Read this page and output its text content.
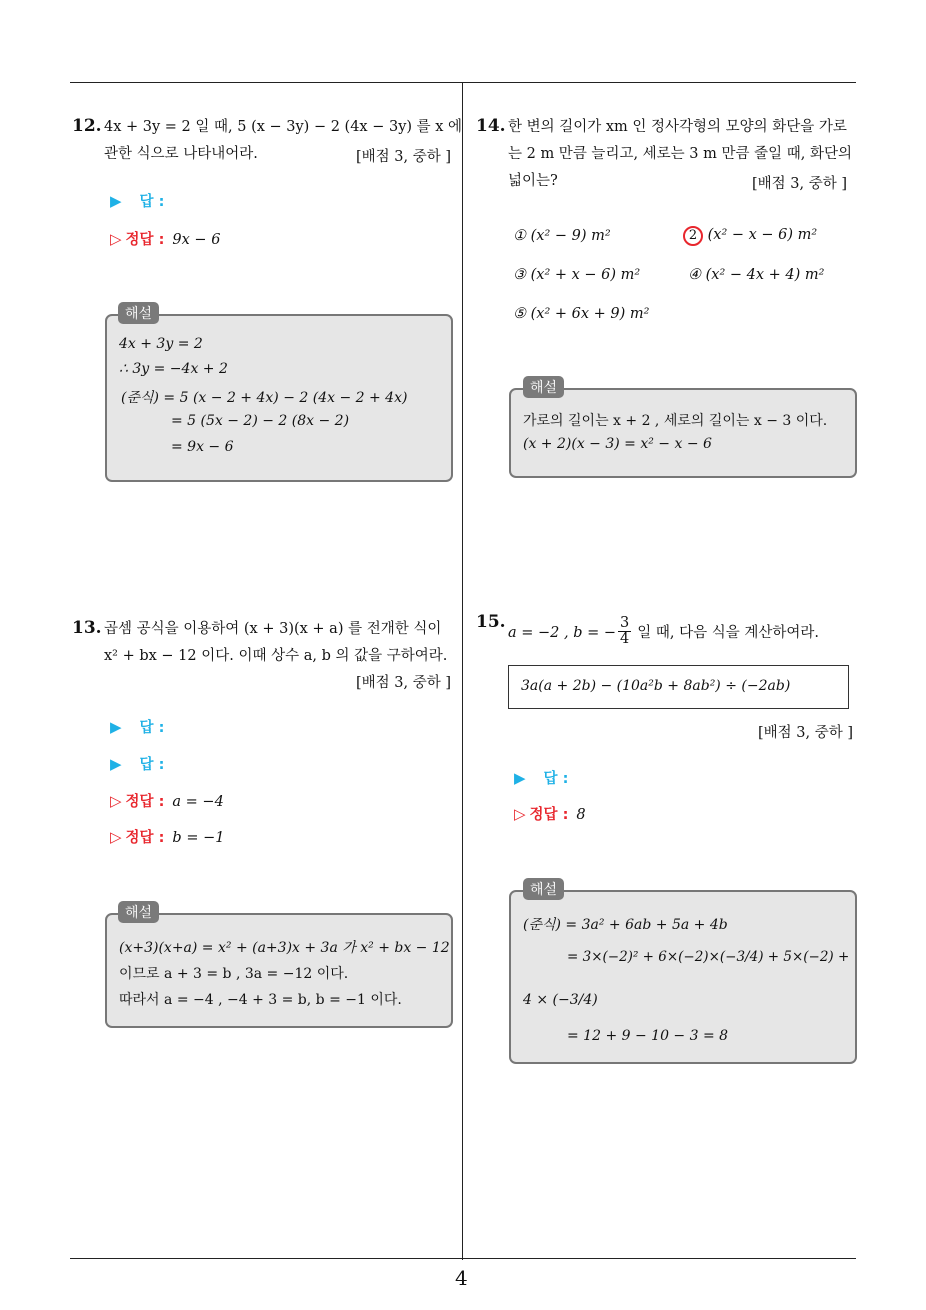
4
12. 4x + 3y = 2 일 때, 5 (x − 3y) − 2 (4x − 3y) 를 x 에
관한 식으로 나타내어라.	[배점 3, 중하 ]
▶ 답 :
▷ 정답 : 9x − 6
4x + 3y = 2
∴ 3y = −4x + 2
(준식) = 5 (x − 2 + 4x) − 2 (4x − 2 + 4x)
= 5 (5x − 2) − 2 (8x − 2)
= 9x − 6
해설
13. 곱셈 공식을 이용하여 (x + 3)(x + a) 를 전개한 식이
x² + bx − 12 이다. 이때 상수 a, b 의 값을 구하여라.
[배점 3, 중하 ]
▶ 답 :
▶ 답 :
▷ 정답 : a = −4
▷ 정답 : b = −1
(x+3)(x+a) = x² + (a+3)x + 3a 가 x² + bx − 12
이므로 a + 3 = b , 3a = −12 이다.
따라서 a = −4 , −4 + 3 = b, b = −1 이다.
해설
14. 한 변의 길이가 xm 인 정사각형의 모양의 화단을 가로
는 2 m 만큼 늘리고, 세로는 3 m 만큼 줄일 때, 화단의
넓이는?	[배점 3, 중하 ]
① (x² − 9) m²	2 (x² − x − 6) m²
③ (x² + x − 6) m²	④ (x² − 4x + 4) m²
⑤ (x² + 6x + 9) m²
가로의 길이는 x + 2 , 세로의 길이는 x − 3 이다.
(x + 2)(x − 3) = x² − x − 6
해설
15.
a = −2 , b = − $\frac{3}{4}$ 일 때, 다음 식을 계산하여라.
3a(a + 2b) − (10a²b + 8ab²) ÷ (−2ab)
[배점 3, 중하 ]
▶ 답 :
▷ 정답 : 8
(준식) = 3a² + 6ab + 5a + 4b
= 3×(−2)² + 6×(−2)×(−3/4) + 5×(−2) +
4 × (−3/4)
= 12 + 9 − 10 − 3 = 8
해설
